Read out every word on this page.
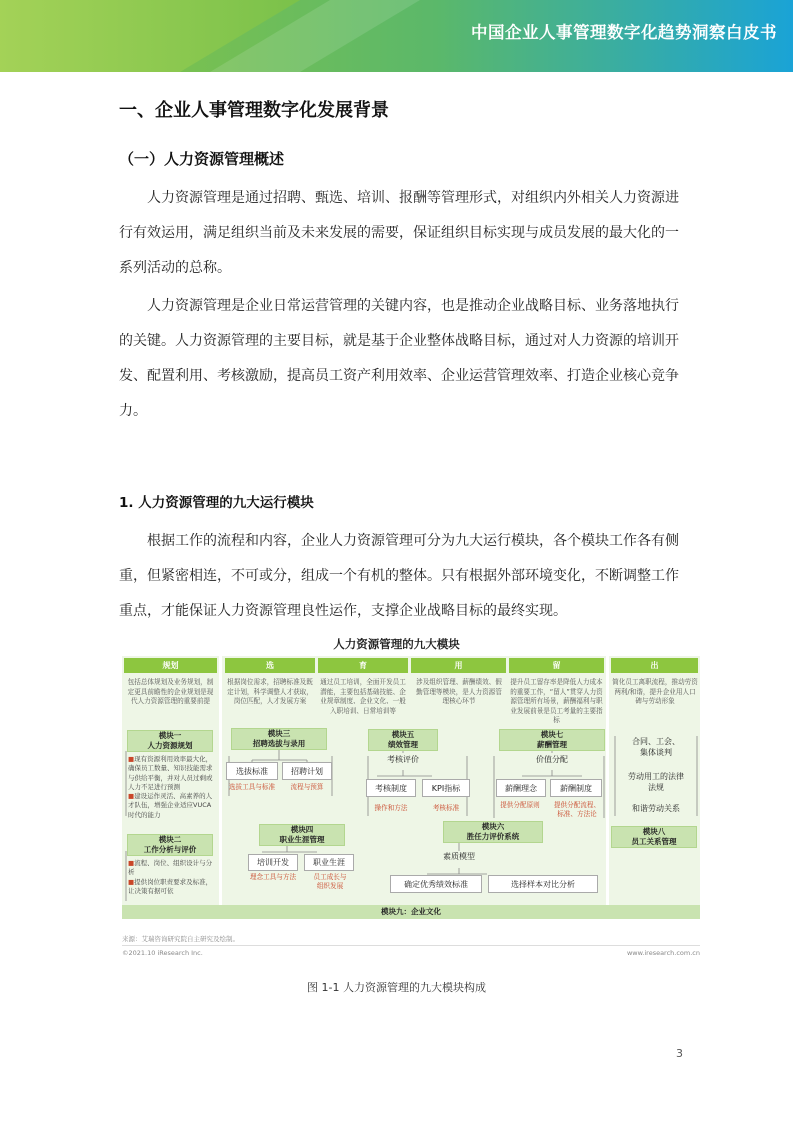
中国企业人事管理数字化趋势洞察白皮书
一、企业人事管理数字化发展背景
（一）人力资源管理概述
人力资源管理是通过招聘、甄选、培训、报酬等管理形式，对组织内外相关人力资源进行有效运用，满足组织当前及未来发展的需要，保证组织目标实现与成员发展的最大化的一系列活动的总称。
人力资源管理是企业日常运营管理的关键内容，也是推动企业战略目标、业务落地执行的关键。人力资源管理的主要目标，就是基于企业整体战略目标，通过对人力资源的培训开发、配置利用、考核激励，提高员工资产利用效率、企业运营管理效率、打造企业核心竞争力。
1. 人力资源管理的九大运行模块
根据工作的流程和内容，企业人力资源管理可分为九大运行模块，各个模块工作各有侧重，但紧密相连，不可或分，组成一个有机的整体。只有根据外部环境变化，不断调整工作重点，才能保证人力资源管理良性运作，支撑企业战略目标的最终实现。
人力资源管理的九大模块
规划	选	育	用	留	出
包括总体规划及业务规划，制定更具前瞻性的企业规划是现代人力资源管理的重要前提
根据岗位需求，招聘标准及既定计划，科学调整人才获取，岗位匹配，人才发展方案
通过员工培训，全面开发员工潜能，主要包括基础技能、企业规章制度、企业文化、一般入职培训、日常培训等
涉及组织管理、薪酬绩效、假勤管理等模块，是人力资源管理核心环节
提升员工留存率是降低人力成本的重要工作，“留人”贯穿人力资源管理所有场景，薪酬福利与职业发展前景是员工考量的主要指标
简化员工离职流程，推动劳资两利/和谐，提升企业用人口碑与劳动形象
模块一
人力资源规划
■现有资源利用效率最大化，确保员工数量、知识技能需求与供给平衡，并对人员过剩或人力不足进行预测
■建设运作灵活、高素养的人才队伍，增强企业适应VUCA时代的能力
模块二
工作分析与评价
■流程、岗位、组织设计与分析
■提供岗位职责要求及标准，让决策有据可依
模块三
招聘选拔与录用
选拔标准	招聘计划
选拔工具与标准	流程与预算
模块四
职业生涯管理
培训开发	职业生涯
理念工具与方法	员工成长与
组织发展
模块五
绩效管理
考核评价
考核制度	KPI指标
操作和方法	考核标准
模块七
薪酬管理
价值分配
薪酬理念	薪酬制度
提供分配原则	提供分配流程、
标准、方法论
模块六
胜任力评价系统
素质模型
确定优秀绩效标准	选择样本对比分析
合同、工会、
集体谈判
劳动用工的法律
法规
和谐劳动关系
模块八
员工关系管理
模块九：企业文化
来源：艾瑞咨询研究院自主研究及绘制。
©2021.10 iResearch Inc.	www.iresearch.com.cn
图 1-1 人力资源管理的九大模块构成
3
